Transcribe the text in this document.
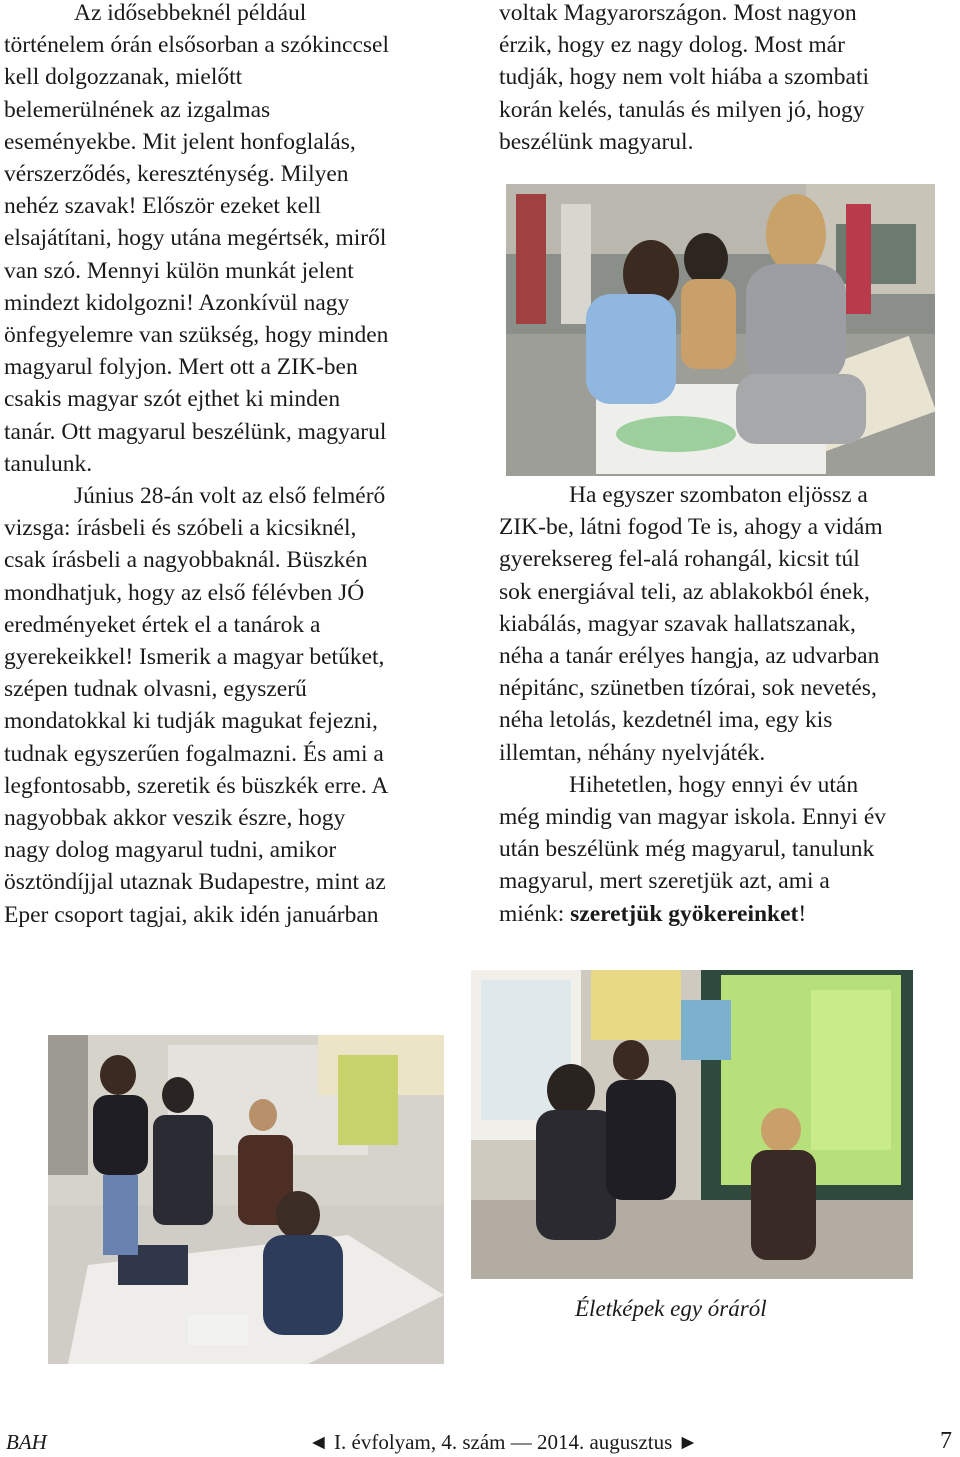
Az idősebbeknél például
történelem órán elsősorban a szókinccsel
kell dolgozzanak, mielőtt
belemerülnének az izgalmas
eseményekbe. Mit jelent honfoglalás,
vérszerződés, kereszténység. Milyen
nehéz szavak! Először ezeket kell
elsajátítani, hogy utána megértsék, miről
van szó. Mennyi külön munkát jelent
mindezt kidolgozni! Azonkívül nagy
önfegyelemre van szükség, hogy minden
magyarul folyjon. Mert ott a ZIK-ben
csakis magyar szót ejthet ki minden
tanár. Ott magyarul beszélünk, magyarul
tanulunk.
Június 28-án volt az első felmérő
vizsga: írásbeli és szóbeli a kicsiknél,
csak írásbeli a nagyobbaknál. Büszkén
mondhatjuk, hogy az első félévben JÓ
eredményeket értek el a tanárok a
gyerekeikkel! Ismerik a magyar betűket,
szépen tudnak olvasni, egyszerű
mondatokkal ki tudják magukat fejezni,
tudnak egyszerűen fogalmazni. És ami a
legfontosabb, szeretik és büszkék erre. A
nagyobbak akkor veszik észre, hogy
nagy dolog magyarul tudni, amikor
ösztöndíjjal utaznak Budapestre, mint az
Eper csoport tagjai, akik idén januárban
voltak Magyarországon. Most nagyon
érzik, hogy ez nagy dolog. Most már
tudják, hogy nem volt hiába a szombati
korán kelés, tanulás és milyen jó, hogy
beszélünk magyarul.
Ha egyszer szombaton eljössz a
ZIK-be, látni fogod Te is, ahogy a vidám
gyereksereg fel-alá rohangál, kicsit túl
sok energiával teli, az ablakokból ének,
kiabálás, magyar szavak hallatszanak,
néha a tanár erélyes hangja, az udvarban
népitánc, szünetben tízórai, sok nevetés,
néha letolás, kezdetnél ima, egy kis
illemtan, néhány nyelvjáték.
Hihetetlen, hogy ennyi év után
még mindig van magyar iskola. Ennyi év
után beszélünk még magyarul, tanulunk
magyarul, mert szeretjük azt, ami a
miénk: szeretjük gyökereinket!
Életképek egy óráról
BAH	◄ I. évfolyam, 4. szám — 2014. augusztus ►	7
